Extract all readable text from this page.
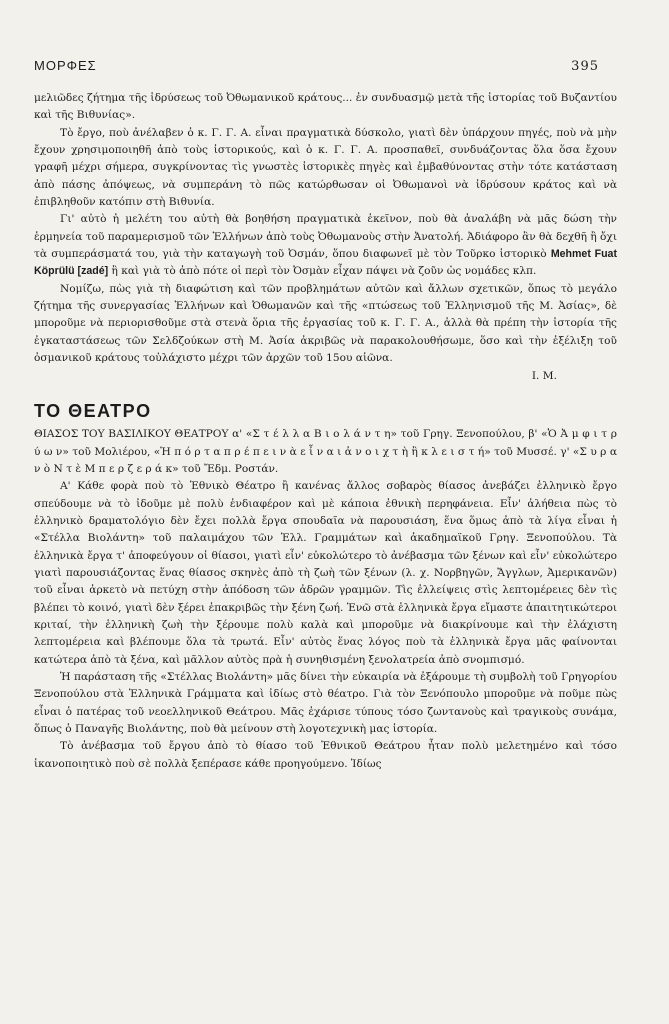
ΜΟΡΦΕΣ	395

μελιῶδες ζήτημα τῆς ἱδρύσεως τοῦ Ὀθωμανικοῦ κράτους... ἐν συνδυασμῷ μετὰ τῆς ἱστορίας τοῦ Βυζαντίου καὶ τῆς Βιθυνίας».

Τὸ ἔργο, ποὺ ἀνέλαβεν ὁ κ. Γ. Γ. Α. εἶναι πραγματικὰ δύσκολο, γιατὶ δὲν ὑπάρχουν πηγές, ποὺ νὰ μὴν ἔχουν χρησιμοποιηθῆ ἀπὸ τοὺς ἱστορικούς, καὶ ὁ κ. Γ. Γ. Α. προσπαθεῖ, συνδυάζοντας ὅλα ὅσα ἔχουν γραφῆ μέχρι σήμερα, συγκρίνοντας τὶς γνωστὲς ἱστορικὲς πηγὲς καὶ ἐμβαθύνοντας στὴν τότε κατάσταση ἀπὸ πάσης ἀπόψεως, νὰ συμπεράνη τὸ πῶς κατώρθωσαν οἱ Ὀθωμανοὶ νὰ ἱδρύσουν κράτος καὶ νὰ ἐπιβληθοῦν κατόπιν στὴ Βιθυνία.

Γι' αὐτὸ ἡ μελέτη του αὐτὴ θὰ βοηθήση πραγματικὰ ἐκεῖνον, ποὺ θὰ ἀναλάβη νὰ μᾶς δώση τὴν ἑρμηνεία τοῦ παραμερισμοῦ τῶν Ἑλλήνων ἀπὸ τοὺς Ὀθωμανοὺς στὴν Ἀνατολή. Ἀδιάφορο ἂν θὰ δεχθῆ ἢ ὄχι τὰ συμπεράσματά του, γιὰ τὴν καταγωγὴ τοῦ Ὀσμάν, ὅπου διαφωνεῖ μὲ τὸν Τοῦρκο ἱστορικὸ Mehmet Fuat Köprülü [zadé] ἢ καὶ γιὰ τὸ ἀπὸ πότε οἱ περὶ τὸν Ὀσμὰν εἶχαν πάψει νὰ ζοῦν ὡς νομάδες κλπ.

Νομίζω, πὼς γιὰ τὴ διαφώτιση καὶ τῶν προβλημάτων αὐτῶν καὶ ἄλλων σχετικῶν, ὅπως τὸ μεγάλο ζήτημα τῆς συνεργασίας Ἑλλήνων καὶ Ὀθωμανῶν καὶ τῆς «πτώσεως τοῦ Ἑλληνισμοῦ τῆς Μ. Ἀσίας», δὲ μποροῦμε νὰ περιορισθοῦμε στὰ στενὰ ὅρια τῆς ἐργασίας τοῦ κ. Γ. Γ. Α., ἀλλὰ θὰ πρέπη τὴν ἱστορία τῆς ἐγκαταστάσεως τῶν Σελδζούκων στὴ Μ. Ἀσία ἀκριβῶς νὰ παρακολουθήσωμε, ὅσο καὶ τὴν ἐξέλιξη τοῦ ὀσμανικοῦ κράτους τοὐλάχιστο μέχρι τῶν ἀρχῶν τοῦ 15ου αἰῶνα.

Ι. Μ.

ΤΟ ΘΕΑΤΡΟ

ΘΙΑΣΟΣ ΤΟΥ ΒΑΣΙΛΙΚΟΥ ΘΕΑΤΡΟΥ α' «Σ τ έ λ λ α Β ι ο λ ά ν τ η» τοῦ Γρηγ. Ξενοπούλου, β' «Ὁ Ἀ μ φ ι τ ρ ύ ω ν» τοῦ Μολιέρου, «Ἡ π ό ρ τ α π ρ έ π ε ι ν ὰ ε ἶ ν α ι ἀ ν ο ι χ τ ὴ ἢ κ λ ε ι σ τ ή» τοῦ Μυσσέ. γ' «Σ υ ρ α ν ὸ Ν τ ὲ Μ π ε ρ ζ ε ρ ά κ» τοῦ Ἔδμ. Ροστάν.

Α' Κάθε φορὰ ποὺ τὸ Ἐθνικὸ Θέατρο ἢ κανένας ἄλλος σοβαρὸς θίασος ἀνεβάζει ἑλληνικὸ ἔργο σπεύδουμε νὰ τὸ ἰδοῦμε μὲ πολὺ ἐνδιαφέρον καὶ μὲ κάποια ἐθνικὴ περηφάνεια. Εἶν' ἀλήθεια πὼς τὸ ἑλληνικὸ δραματολόγιο δὲν ἔχει πολλὰ ἔργα σπουδαῖα νὰ παρουσιάση, ἕνα ὅμως ἀπὸ τὰ λίγα εἶναι ἡ «Στέλλα Βιολάντη» τοῦ παλαιμάχου τῶν Ἑλλ. Γραμμάτων καὶ ἀκαδημαϊκοῦ Γρηγ. Ξενοπούλου. Τὰ ἑλληνικὰ ἔργα τ' ἀποφεύγουν οἱ θίασοι, γιατὶ εἶν' εὐκολώτερο τὸ ἀνέβασμα τῶν ξένων καὶ εἶν' εὐκολώτερο γιατὶ παρουσιάζοντας ἕνας θίασος σκηνὲς ἀπὸ τὴ ζωὴ τῶν ξένων (λ. χ. Νορβηγῶν, Ἄγγλων, Ἀμερικανῶν) τοῦ εἶναι ἀρκετὸ νὰ πετύχη στὴν ἀπόδοση τῶν ἀδρῶν γραμμῶν. Τὶς ἐλλείψεις στὶς λεπτομέρειες δὲν τὶς βλέπει τὸ κοινό, γιατὶ δὲν ξέρει ἐπακριβῶς τὴν ξένη ζωή. Ἐνῶ στὰ ἑλληνικὰ ἔργα εἴμαστε ἀπαιτητικώτεροι κριταί, τὴν ἑλληνικὴ ζωὴ τὴν ξέρουμε πολὺ καλὰ καὶ μποροῦμε νὰ διακρίνουμε καὶ τὴν ἐλάχιστη λεπτομέρεια καὶ βλέπουμε ὅλα τὰ τρωτά. Εἶν' αὐτὸς ἕνας λόγος ποὺ τὰ ἑλληνικὰ ἔργα μᾶς φαίνονται κατώτερα ἀπὸ τὰ ξένα, καὶ μᾶλλον αὐτὸς πρὰ ἡ συνηθισμένη ξενολατρεία ἀπὸ σνομπισμό.

Ἡ παράσταση τῆς «Στέλλας Βιολάντη» μᾶς δίνει τὴν εὐκαιρία νὰ ἐξάρουμε τὴ συμβολὴ τοῦ Γρηγορίου Ξενοπούλου στὰ Ἑλληνικὰ Γράμματα καὶ ἰδίως στὸ θέατρο. Γιὰ τὸν Ξενόπουλο μποροῦμε νὰ ποῦμε πὼς εἶναι ὁ πατέρας τοῦ νεοελληνικοῦ Θεάτρου. Μᾶς ἐχάρισε τύπους τόσο ζωντανοὺς καὶ τραγικοὺς συνάμα, ὅπως ὁ Παναγῆς Βιολάντης, ποὺ θὰ μείνουν στὴ λογοτεχνικὴ μας ἱστορία.

Τὸ ἀνέβασμα τοῦ ἔργου ἀπὸ τὸ θίασο τοῦ Ἐθνικοῦ Θεάτρου ἦταν πολὺ μελετημένο καὶ τόσο ἱκανοποιητικὸ ποὺ σὲ πολλὰ ξεπέρασε κάθε προηγούμενο. Ἰδίως
